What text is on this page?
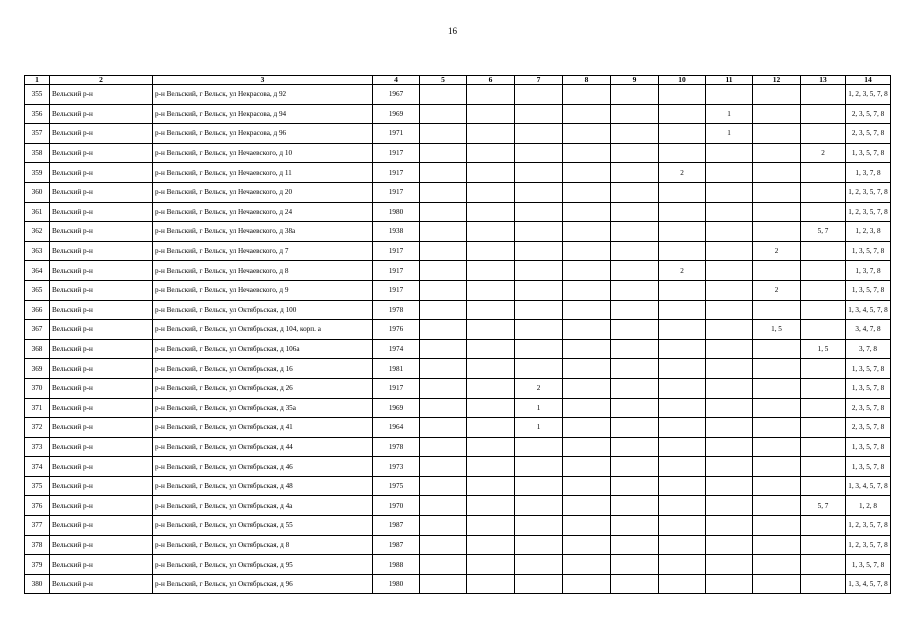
16
1	2	3	4	5	6	7	8	9	10	11	12	13	14
355	Вельский р-н	р-н Вельский, г Вельск, ул Некрасова, д 92	1967										1, 2, 3, 5, 7, 8
356	Вельский р-н	р-н Вельский, г Вельск, ул Некрасова, д 94	1969							1			2, 3, 5, 7, 8
357	Вельский р-н	р-н Вельский, г Вельск, ул Некрасова, д 96	1971							1			2, 3, 5, 7, 8
358	Вельский р-н	р-н Вельский, г Вельск, ул Нечаевского, д 10	1917									2	1, 3, 5, 7, 8
359	Вельский р-н	р-н Вельский, г Вельск, ул Нечаевского, д 11	1917						2				1, 3, 7, 8
360	Вельский р-н	р-н Вельский, г Вельск, ул Нечаевского, д 20	1917										1, 2, 3, 5, 7, 8
361	Вельский р-н	р-н Вельский, г Вельск, ул Нечаевского, д 24	1980										1, 2, 3, 5, 7, 8
362	Вельский р-н	р-н Вельский, г Вельск, ул Нечаевского, д 38а	1938									5, 7	1, 2, 3, 8
363	Вельский р-н	р-н Вельский, г Вельск, ул Нечаевского, д 7	1917								2		1, 3, 5, 7, 8
364	Вельский р-н	р-н Вельский, г Вельск, ул Нечаевского, д 8	1917						2				1, 3, 7, 8
365	Вельский р-н	р-н Вельский, г Вельск, ул Нечаевского, д 9	1917								2		1, 3, 5, 7, 8
366	Вельский р-н	р-н Вельский, г Вельск, ул Октябрьская, д 100	1978										1, 3, 4, 5, 7, 8
367	Вельский р-н	р-н Вельский, г Вельск, ул Октябрьская, д 104, корп. а	1976								1, 5		3, 4, 7, 8
368	Вельский р-н	р-н Вельский, г Вельск, ул Октябрьская, д 106а	1974									1, 5	3, 7, 8
369	Вельский р-н	р-н Вельский, г Вельск, ул Октябрьская, д 16	1981										1, 3, 5, 7, 8
370	Вельский р-н	р-н Вельский, г Вельск, ул Октябрьская, д 26	1917			2							1, 3, 5, 7, 8
371	Вельский р-н	р-н Вельский, г Вельск, ул Октябрьская, д 35а	1969			1							2, 3, 5, 7, 8
372	Вельский р-н	р-н Вельский, г Вельск, ул Октябрьская, д 41	1964			1							2, 3, 5, 7, 8
373	Вельский р-н	р-н Вельский, г Вельск, ул Октябрьская, д 44	1978										1, 3, 5, 7, 8
374	Вельский р-н	р-н Вельский, г Вельск, ул Октябрьская, д 46	1973										1, 3, 5, 7, 8
375	Вельский р-н	р-н Вельский, г Вельск, ул Октябрьская, д 48	1975										1, 3, 4, 5, 7, 8
376	Вельский р-н	р-н Вельский, г Вельск, ул Октябрьская, д 4а	1970									5, 7	1, 2, 8
377	Вельский р-н	р-н Вельский, г Вельск, ул Октябрьская, д 55	1987										1, 2, 3, 5, 7, 8
378	Вельский р-н	р-н Вельский, г Вельск, ул Октябрьская, д 8	1987										1, 2, 3, 5, 7, 8
379	Вельский р-н	р-н Вельский, г Вельск, ул Октябрьская, д 95	1988										1, 3, 5, 7, 8
380	Вельский р-н	р-н Вельский, г Вельск, ул Октябрьская, д 96	1980										1, 3, 4, 5, 7, 8
